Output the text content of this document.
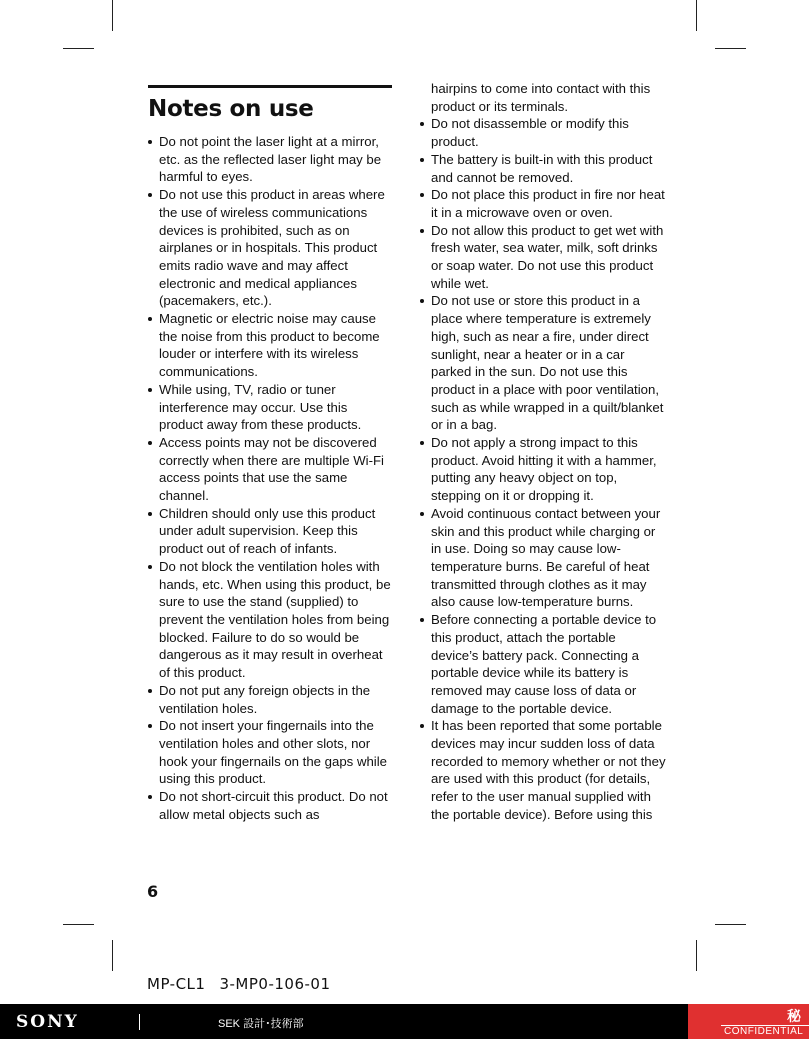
Notes on use
Do not point the laser light at a mirror, etc. as the reflected laser light may be harmful to eyes.
Do not use this product in areas where the use of wireless communications devices is prohibited, such as on airplanes or in hospitals. This product emits radio wave and may affect electronic and medical appliances (pacemakers, etc.).
Magnetic or electric noise may cause the noise from this product to become louder or interfere with its wireless communications.
While using, TV, radio or tuner interference may occur. Use this product away from these products.
Access points may not be discovered correctly when there are multiple Wi-Fi access points that use the same channel.
Children should only use this product under adult supervision. Keep this product out of reach of infants.
Do not block the ventilation holes with hands, etc. When using this product, be sure to use the stand (supplied) to prevent the ventilation holes from being blocked. Failure to do so would be dangerous as it may result in overheat of this product.
Do not put any foreign objects in the ventilation holes.
Do not insert your fingernails into the ventilation holes and other slots, nor hook your fingernails on the gaps while using this product.
Do not short-circuit this product. Do not allow metal objects such as
hairpins to come into contact with this product or its terminals.
Do not disassemble or modify this product.
The battery is built-in with this product and cannot be removed.
Do not place this product in fire nor heat it in a microwave oven or oven.
Do not allow this product to get wet with fresh water, sea water, milk, soft drinks or soap water. Do not use this product while wet.
Do not use or store this product in a place where temperature is extremely high, such as near a fire, under direct sunlight, near a heater or in a car parked in the sun. Do not use this product in a place with poor ventilation, such as while wrapped in a quilt/blanket or in a bag.
Do not apply a strong impact to this product. Avoid hitting it with a hammer, putting any heavy object on top, stepping on it or dropping it.
Avoid continuous contact between your skin and this product while charging or in use. Doing so may cause low-temperature burns. Be careful of heat transmitted through clothes as it may also cause low-temperature burns.
Before connecting a portable device to this product, attach the portable device’s battery pack. Connecting a portable device while its battery is removed may cause loss of data or damage to the portable device.
It has been reported that some portable devices may incur sudden loss of data recorded to memory whether or not they are used with this product (for details, refer to the user manual supplied with the portable device). Before using this
6
MP-CL1 3-MP0-106-01
SONY	SEK 設計･技術部	秘
CONFIDENTIAL
